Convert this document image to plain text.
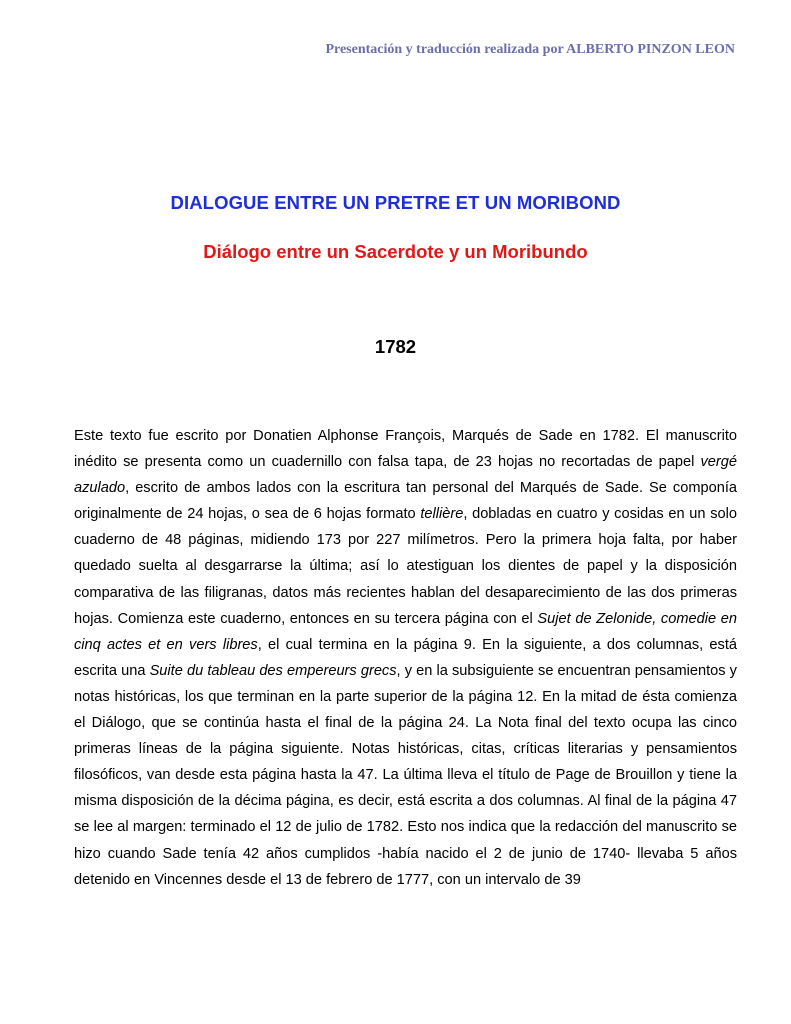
Presentación y traducción realizada por ALBERTO PINZON LEON
DIALOGUE ENTRE UN PRETRE ET UN MORIBOND
Diálogo entre un Sacerdote y un Moribundo
1782

Este texto fue escrito por Donatien Alphonse François, Marqués de Sade en 1782. El manuscrito inédito se presenta como un cuadernillo con falsa tapa, de 23 hojas no recortadas de papel vergé azulado, escrito de ambos lados con la escritura tan personal del Marqués de Sade. Se componía originalmente de 24 hojas, o sea de 6 hojas formato tellière, dobladas en cuatro y cosidas en un solo cuaderno de 48 páginas, midiendo 173 por 227 milímetros. Pero la primera hoja falta, por haber quedado suelta al desgarrarse la última; así lo atestiguan los dientes de papel y la disposición comparativa de las filigranas, datos más recientes hablan del desaparecimiento de las dos primeras hojas. Comienza este cuaderno, entonces en su tercera página con el Sujet de Zelonide, comedie en cinq actes et en vers libres, el cual termina en la página 9. En la siguiente, a dos columnas, está escrita una Suite du tableau des empereurs grecs, y en la subsiguiente se encuentran pensamientos y notas históricas, los que terminan en la parte superior de la página 12. En la mitad de ésta comienza el Diálogo, que se continúa hasta el final de la página 24. La Nota final del texto ocupa las cinco primeras líneas de la página siguiente. Notas históricas, citas, críticas literarias y pensamientos filosóficos, van desde esta página hasta la 47. La última lleva el título de Page de Brouillon y tiene la misma disposición de la décima página, es decir, está escrita a dos columnas. Al final de la página 47 se lee al margen: terminado el 12 de julio de 1782. Esto nos indica que la redacción del manuscrito se hizo cuando Sade tenía 42 años cumplidos -había nacido el 2 de junio de 1740- llevaba 5 años detenido en Vincennes desde el 13 de febrero de 1777, con un intervalo de 39
